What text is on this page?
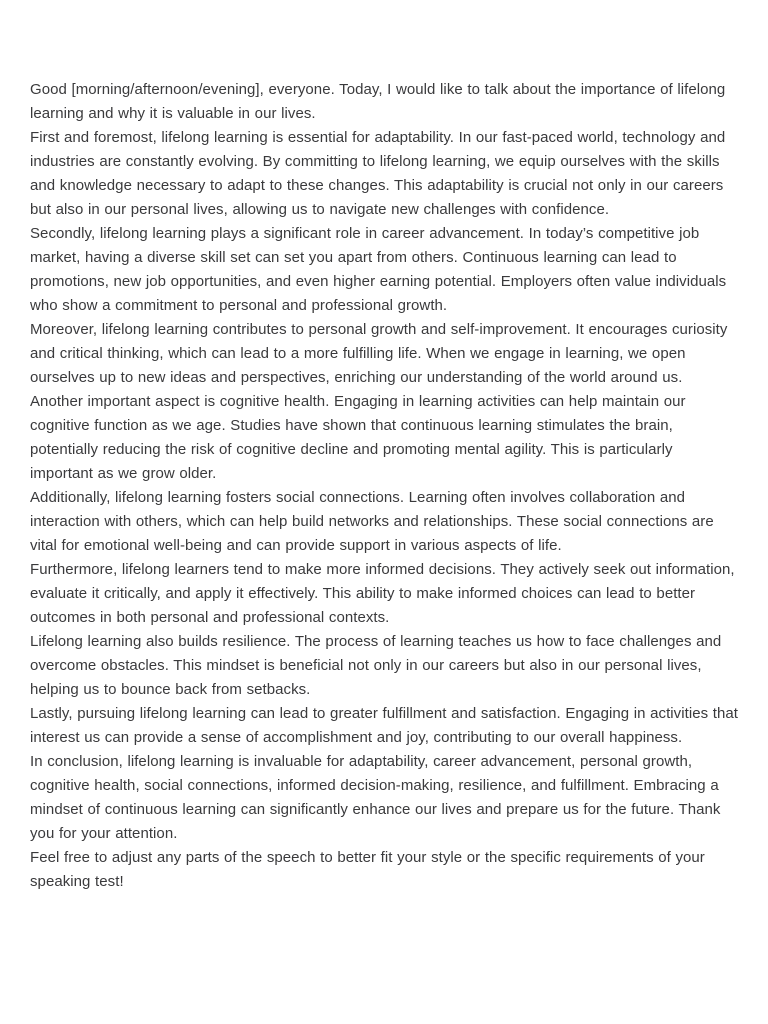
Good [morning/afternoon/evening], everyone. Today, I would like to talk about the importance of lifelong learning and why it is valuable in our lives.

First and foremost, lifelong learning is essential for adaptability. In our fast-paced world, technology and industries are constantly evolving. By committing to lifelong learning, we equip ourselves with the skills and knowledge necessary to adapt to these changes. This adaptability is crucial not only in our careers but also in our personal lives, allowing us to navigate new challenges with confidence.

Secondly, lifelong learning plays a significant role in career advancement. In today’s competitive job market, having a diverse skill set can set you apart from others. Continuous learning can lead to promotions, new job opportunities, and even higher earning potential. Employers often value individuals who show a commitment to personal and professional growth.

Moreover, lifelong learning contributes to personal growth and self-improvement. It encourages curiosity and critical thinking, which can lead to a more fulfilling life. When we engage in learning, we open ourselves up to new ideas and perspectives, enriching our understanding of the world around us.

Another important aspect is cognitive health. Engaging in learning activities can help maintain our cognitive function as we age. Studies have shown that continuous learning stimulates the brain, potentially reducing the risk of cognitive decline and promoting mental agility. This is particularly important as we grow older.

Additionally, lifelong learning fosters social connections. Learning often involves collaboration and interaction with others, which can help build networks and relationships. These social connections are vital for emotional well-being and can provide support in various aspects of life.

Furthermore, lifelong learners tend to make more informed decisions. They actively seek out information, evaluate it critically, and apply it effectively. This ability to make informed choices can lead to better outcomes in both personal and professional contexts.

Lifelong learning also builds resilience. The process of learning teaches us how to face challenges and overcome obstacles. This mindset is beneficial not only in our careers but also in our personal lives, helping us to bounce back from setbacks.

Lastly, pursuing lifelong learning can lead to greater fulfillment and satisfaction. Engaging in activities that interest us can provide a sense of accomplishment and joy, contributing to our overall happiness.

In conclusion, lifelong learning is invaluable for adaptability, career advancement, personal growth, cognitive health, social connections, informed decision-making, resilience, and fulfillment. Embracing a mindset of continuous learning can significantly enhance our lives and prepare us for the future. Thank you for your attention.

Feel free to adjust any parts of the speech to better fit your style or the specific requirements of your speaking test!
